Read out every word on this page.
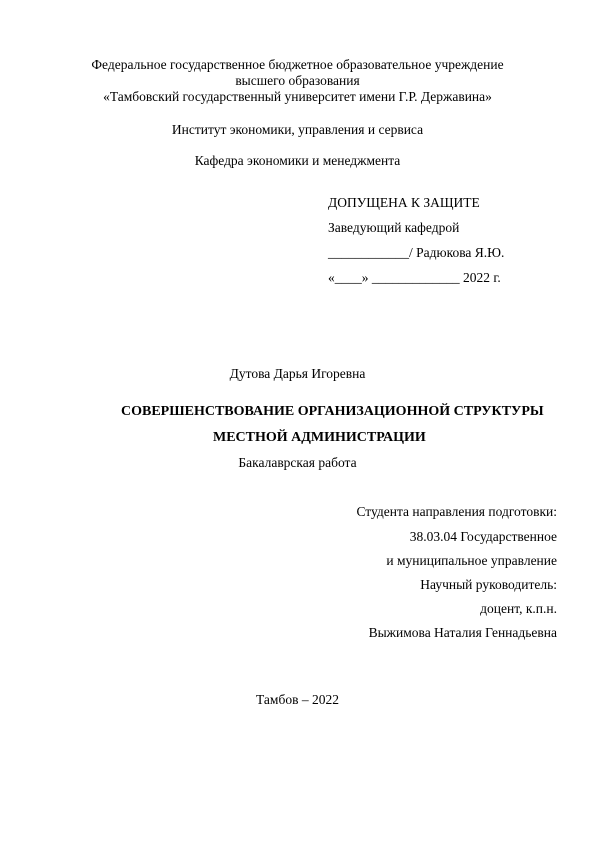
Федеральное государственное бюджетное образовательное учреждение
высшего образования
«Тамбовский государственный университет имени Г.Р. Державина»
Институт экономики, управления и сервиса
Кафедра экономики и менеджмента
ДОПУЩЕНА К ЗАЩИТЕ
Заведующий кафедрой
____________/ Радюкова Я.Ю.
«____» _____________ 2022 г.
Дутова Дарья Игоревна
СОВЕРШЕНСТВОВАНИЕ ОРГАНИЗАЦИОННОЙ СТРУКТУРЫ
МЕСТНОЙ АДМИНИСТРАЦИИ
Бакалаврская работа
Студента направления подготовки:
38.03.04 Государственное
и муниципальное управление
Научный руководитель:
доцент, к.п.н.
Выжимова Наталия Геннадьевна
Тамбов – 2022
